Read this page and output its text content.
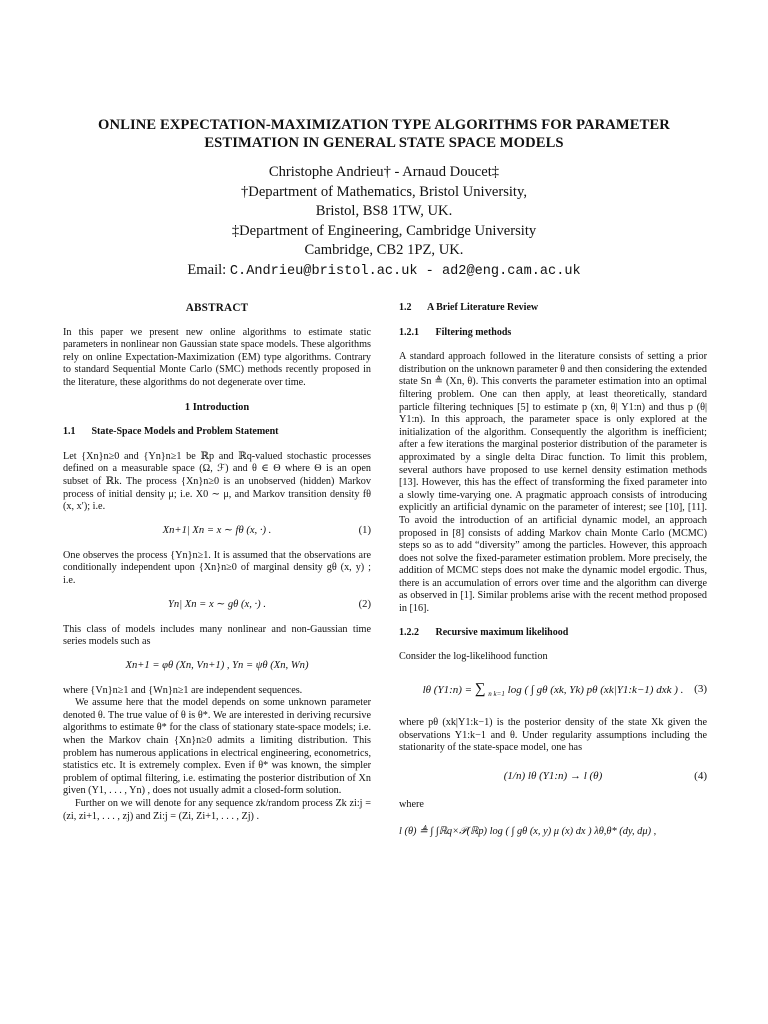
ONLINE EXPECTATION-MAXIMIZATION TYPE ALGORITHMS FOR PARAMETER
ESTIMATION IN GENERAL STATE SPACE MODELS
Christophe Andrieu† - Arnaud Doucet‡
†Department of Mathematics, Bristol University,
Bristol, BS8 1TW, UK.
‡Department of Engineering, Cambridge University
Cambridge, CB2 1PZ, UK.
Email: C.Andrieu@bristol.ac.uk - ad2@eng.cam.ac.uk
ABSTRACT

In this paper we present new online algorithms to estimate static parameters in nonlinear non Gaussian state space models. These algorithms rely on online Expectation-Maximization (EM) type algorithms. Contrary to standard Sequential Monte Carlo (SMC) methods recently proposed in the literature, these algorithms do not degenerate over time.

1 Introduction
1.1 State-Space Models and Problem Statement

Let {Xn}n≥0 and {Yn}n≥1 be ℝp and ℝq-valued stochastic processes defined on a measurable space (Ω, ℱ) and θ ∈ Θ where Θ is an open subset of ℝk. The process {Xn}n≥0 is an unobserved (hidden) Markov process of initial density μ; i.e. X0 ∼ μ, and Markov transition density fθ (x, x′); i.e.

Xn+1| Xn = x ∼ fθ (x, ·) .	(1)

One observes the process {Yn}n≥1. It is assumed that the observations are conditionally independent upon {Xn}n≥0 of marginal density gθ (x, y) ; i.e.

Yn| Xn = x ∼ gθ (x, ·) .	(2)

This class of models includes many nonlinear and non-Gaussian time series models such as

Xn+1 = φθ (Xn, Vn+1) , Yn = ψθ (Xn, Wn)

where {Vn}n≥1 and {Wn}n≥1 are independent sequences.

We assume here that the model depends on some unknown parameter denoted θ. The true value of θ is θ*. We are interested in deriving recursive algorithms to estimate θ* for the class of stationary state-space models; i.e. when the Markov chain {Xn}n≥0 admits a limiting distribution. This problem has numerous applications in electrical engineering, econometrics, statistics etc. It is extremely complex. Even if θ* was known, the simpler problem of optimal filtering, i.e. estimating the posterior distribution of Xn given (Y1, . . . , Yn) , does not usually admit a closed-form solution.

Further on we will denote for any sequence zk/random process Zk zi:j = (zi, zi+1, . . . , zj) and Zi:j = (Zi, Zi+1, . . . , Zj) .

1.2 A Brief Literature Review
1.2.1 Filtering methods

A standard approach followed in the literature consists of setting a prior distribution on the unknown parameter θ and then considering the extended state Sn ≜ (Xn, θ). This converts the parameter estimation into an optimal filtering problem. One can then apply, at least theoretically, standard particle filtering techniques [5] to estimate p (xn, θ| Y1:n) and thus p (θ| Y1:n). In this approach, the parameter space is only explored at the initialization of the algorithm. Consequently the algorithm is inefficient; after a few iterations the marginal posterior distribution of the parameter is approximated by a single delta Dirac function. To limit this problem, several authors have proposed to use kernel density estimation methods [13]. However, this has the effect of transforming the fixed parameter into a slowly time-varying one. A pragmatic approach consists of introducing explicitly an artificial dynamic on the parameter of interest; see [10], [11]. To avoid the introduction of an artificial dynamic model, an approach proposed in [8] consists of adding Markov chain Monte Carlo (MCMC) steps so as to add “diversity” among the particles. However, this approach does not solve the fixed-parameter estimation problem. More precisely, the addition of MCMC steps does not make the dynamic model ergodic. Thus, there is an accumulation of errors over time and the algorithm can diverge as observed in [1]. Similar problems arise with the recent method proposed in [16].

1.2.2 Recursive maximum likelihood

Consider the log-likelihood function

lθ (Y1:n) = ∑ $_{n k=1}$ log ( ∫ gθ (xk, Yk) pθ (xk|Y1:k−1) dxk ) . (3)

where pθ (xk|Y1:k−1) is the posterior density of the state Xk given the observations Y1:k−1 and θ. Under regularity assumptions including the stationarity of the state-space model, one has

(1/n) lθ (Y1:n) → l (θ)	(4)

where

l (θ) ≜ ∫ ∫ℝq×𝒫(ℝp) log ( ∫ gθ (x, y) μ (x) dx ) λθ,θ* (dy, dμ) ,
